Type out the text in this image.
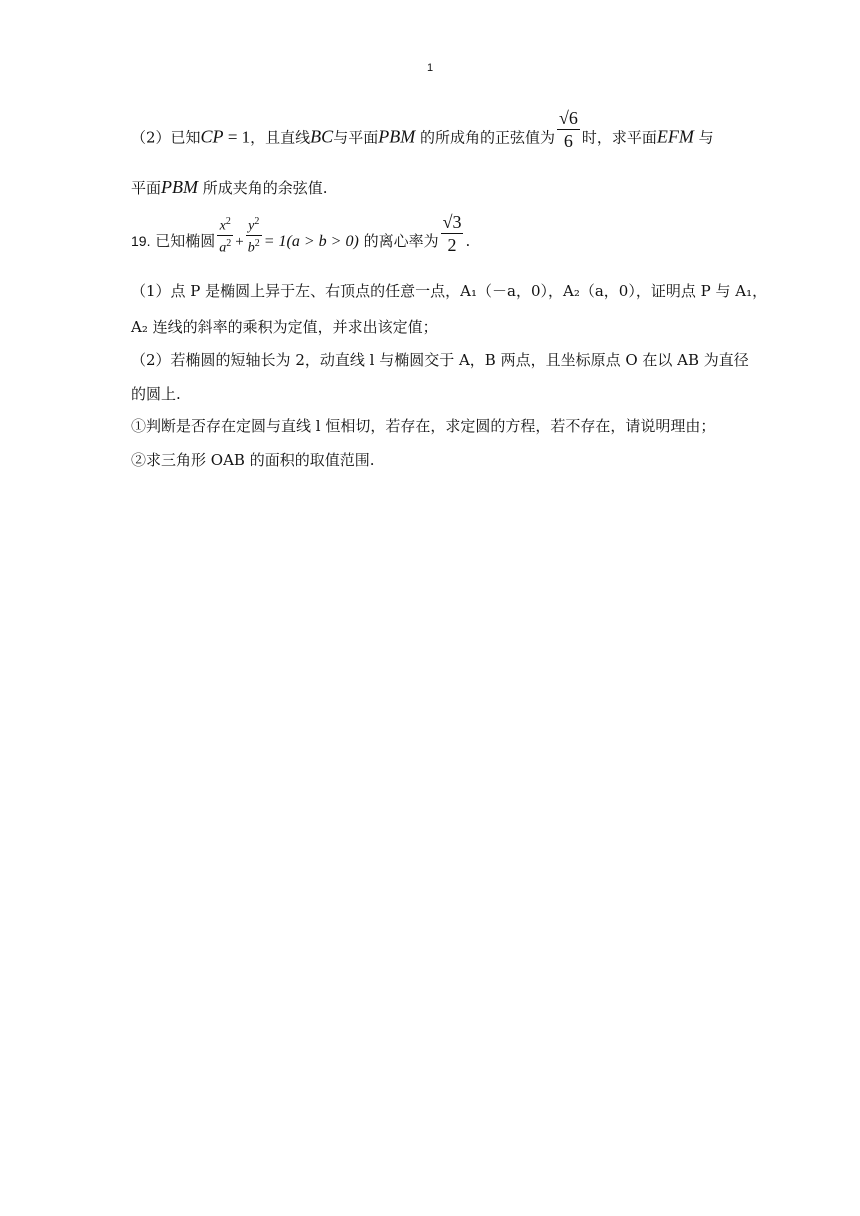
1
（2）已知CP = 1，且直线BC与平面PBM 的所成角的正弦值为 $\frac{√6}{6}$ 时，求平面EFM 与
平面PBM 所成夹角的余弦值.
19. 已知椭圆 $\frac{x^2}{a^2} + \frac{y^2}{b^2} = 1(a > b > 0)$ 的离心率为 $\frac{√3}{2}$ .
（1）点 P 是椭圆上异于左、右顶点的任意一点，A₁（－a，0），A₂（a，0），证明点 P 与 A₁，
A₂ 连线的斜率的乘积为定值，并求出该定值；
（2）若椭圆的短轴长为 2，动直线 l 与椭圆交于 A，B 两点，且坐标原点 O 在以 AB 为直径
的圆上.
①判断是否存在定圆与直线 l 恒相切，若存在，求定圆的方程，若不存在，请说明理由；
②求三角形 OAB 的面积的取值范围.
